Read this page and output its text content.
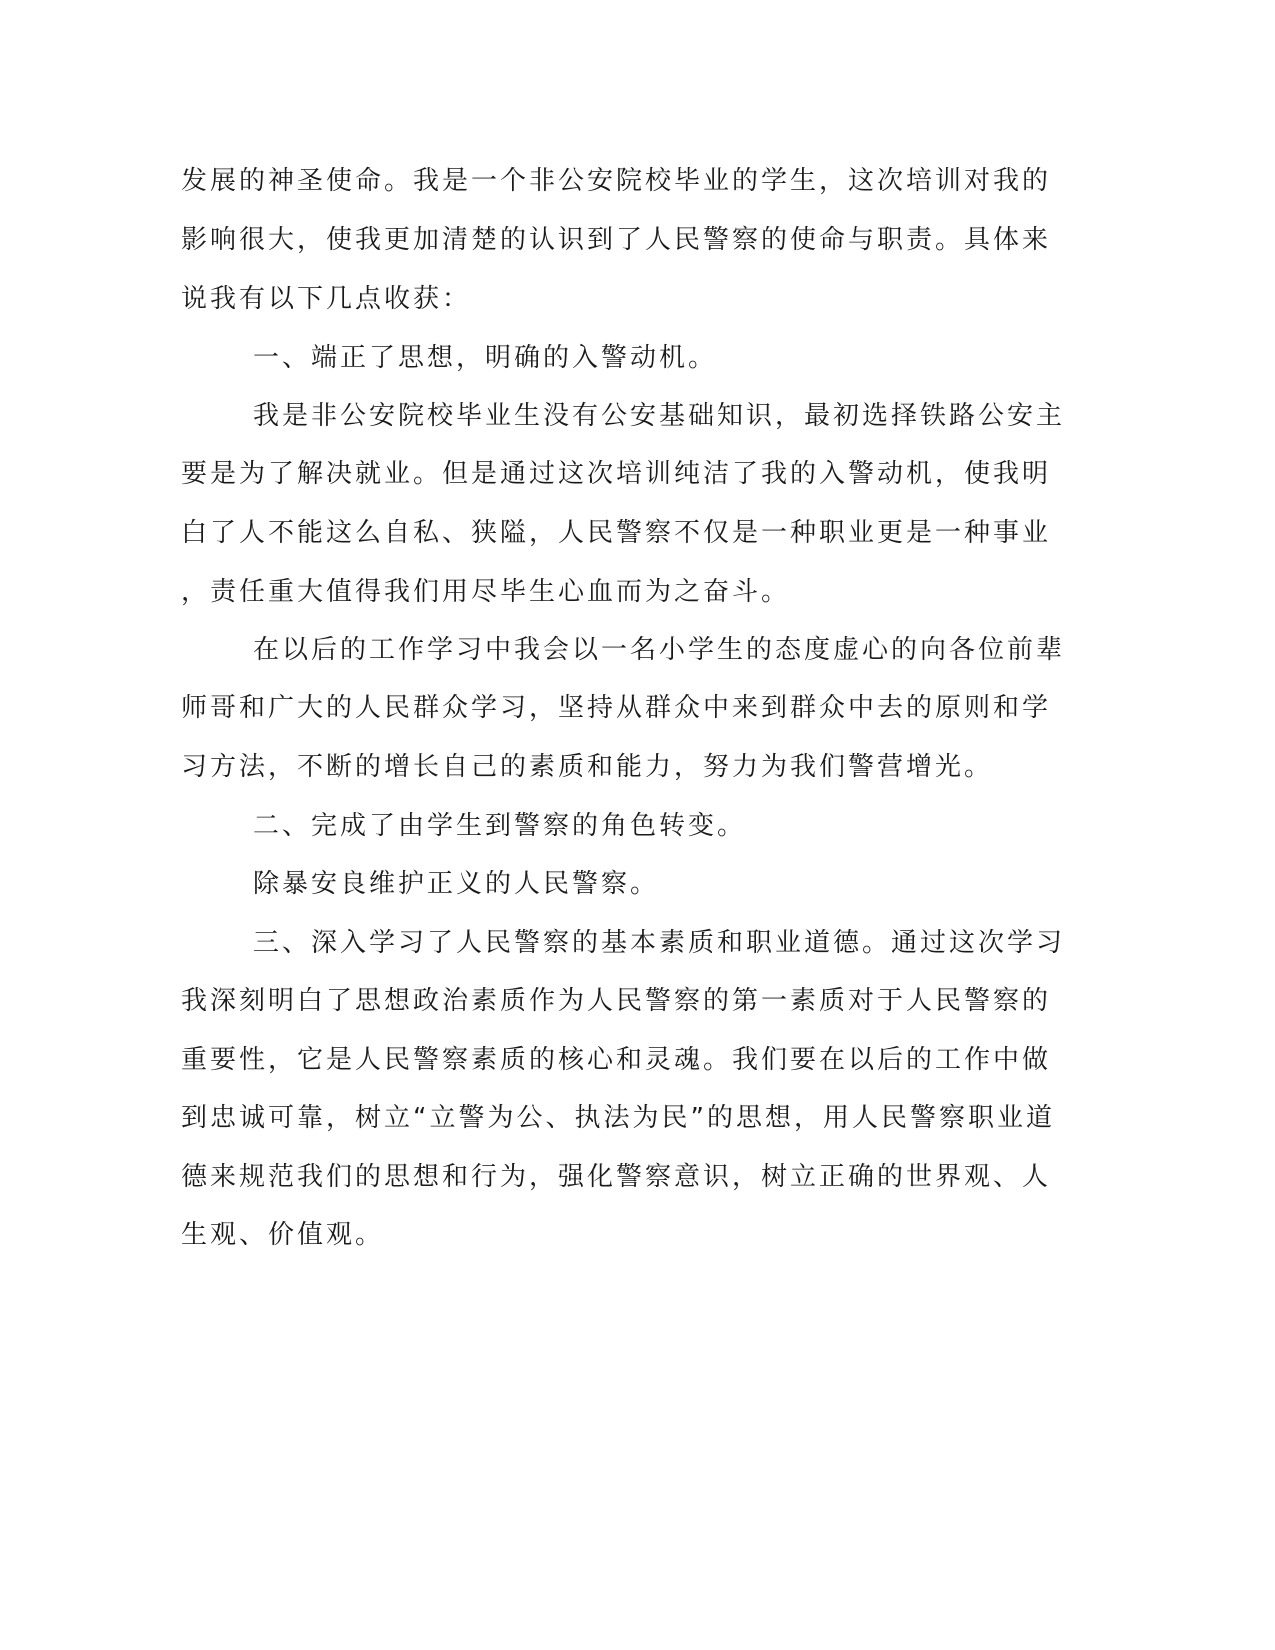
发展的神圣使命。我是一个非公安院校毕业的学生，这次培训对我的
影响很大，使我更加清楚的认识到了人民警察的使命与职责。具体来
说我有以下几点收获：
一、端正了思想，明确的入警动机。
我是非公安院校毕业生没有公安基础知识，最初选择铁路公安主
要是为了解决就业。但是通过这次培训纯洁了我的入警动机，使我明
白了人不能这么自私、狭隘，人民警察不仅是一种职业更是一种事业
，责任重大值得我们用尽毕生心血而为之奋斗。
在以后的工作学习中我会以一名小学生的态度虚心的向各位前辈
师哥和广大的人民群众学习，坚持从群众中来到群众中去的原则和学
习方法，不断的增长自己的素质和能力，努力为我们警营增光。
二、完成了由学生到警察的角色转变。
除暴安良维护正义的人民警察。
三、深入学习了人民警察的基本素质和职业道德。通过这次学习
我深刻明白了思想政治素质作为人民警察的第一素质对于人民警察的
重要性，它是人民警察素质的核心和灵魂。我们要在以后的工作中做
到忠诚可靠，树立“立警为公、执法为民”的思想，用人民警察职业道
德来规范我们的思想和行为，强化警察意识，树立正确的世界观、人
生观、价值观。
